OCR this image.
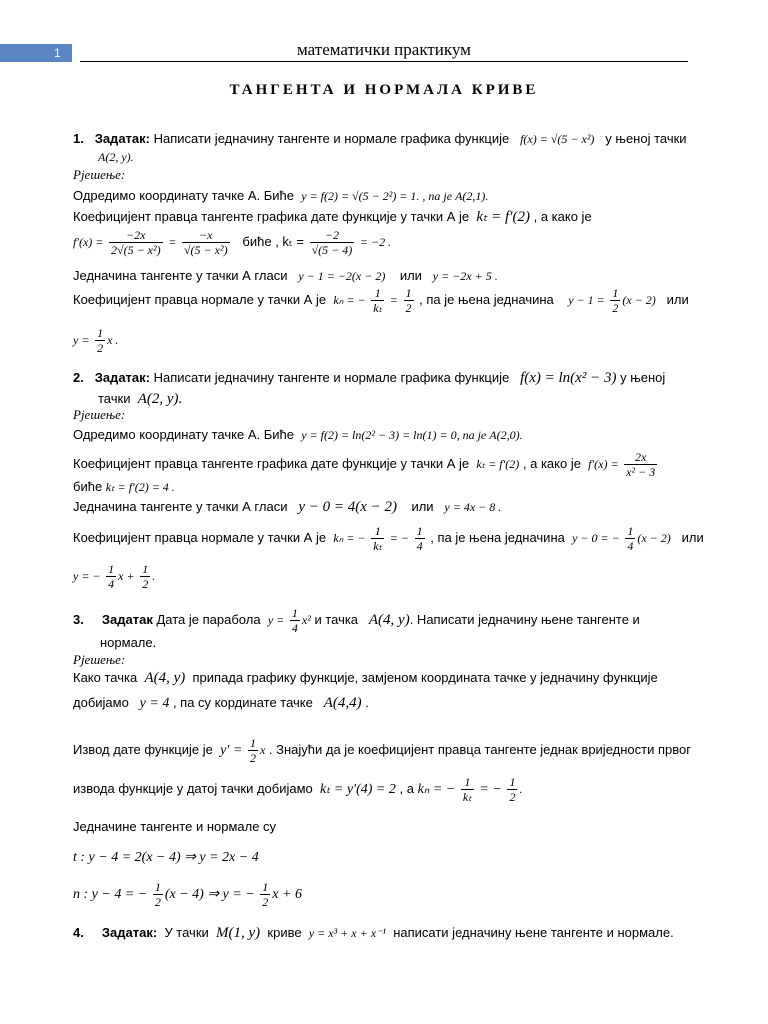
1	математички практикум
ТАНГЕНТА И НОРМАЛА КРИВЕ
1. Задатак: Написати једначину тангенте и нормале графика функције f(x) = √(5 − x²) у њеној тачки
A(2, y).
Рјешење:
Одредимо координату тачке А. Биће y = f(2) = √(5 − 2²) = 1. , па је A(2,1).
Коефицијент правца тангенте графика дате функције у тачки А је kₜ = f′(2) , а како је
$f'(x) = \frac{-2x}{\text{2√(5 − x²)}} = \frac{-x}{\text{√(5 − x²)}}$ биће , $k_t = \frac{-2}{√(5 - 4)} = -2$ .
Једначина тангенте у тачки А гласи y − 1 = −2(x − 2) или y = −2x + 5 .
Коефицијент правца нормале у тачки А је kₙ = − $\frac{1}{\text{kₜ}} = \frac{1}{2}$ , па је њена једначина $y - 1 = \frac{1}{2} (x - 2)$ или
$y = \frac{1}{2}$ x .
2. Задатак: Написати једначину тангенте и нормале графика функције f(x) = ln(x² − 3) у њеној
тачки A(2, y).
Рјешење:
Одредимо координату тачке А. Биће y = f(2) = ln(2² − 3) = ln(1) = 0, па је A(2,0).
Коефицијент правца тангенте графика дате функције у тачки А је kₜ = f′(2) , а како је $f'(x) = \frac{2x}{\text{x² − 3}}$
биће kₜ = f′(2) = 4 .
Једначина тангенте у тачки А гласи y − 0 = 4(x − 2) или y = 4x − 8 .
Коефицијент правца нормале у тачки А је kₙ = − $\frac{1}{\text{kₜ}}$ = − $\frac{1}{4}$ , па је њена једначина y − 0 = − $\frac{1}{4} (x - 2)$ или
y = − $\frac{1}{4}$ $x + \frac{1}{2}$ .
3. Задатак Дата је парабола $y = \frac{1}{4} x^2$ и тачка A(4, y). Написати једначину њене тангенте и
нормале.
Рјешење:
Како тачка A(4, y) припада графику функције, замјеном координата тачке у једначину функције
добијамо y = 4 , па су кординате тачке A(4,4) .
Извод дате функције је $y' = \frac{1}{2}$ x . Знајући да је коефицијент правца тангенте једнак вриједности првог
извода функције у датој тачки добијамо kₜ = y′(4) = 2 , а kₙ = − $\frac{1}{\text{kₜ}}$ = − $\frac{1}{2}$ .
Једначине тангенте и нормале су
t : y − 4 = 2(x − 4) ⇒ y = 2x − 4
n : y − 4 = − $\frac{1}{2} (x - 4)$ ⇒ y = − $\frac{1}{2}$ x + 6
4. Задатак: У тачки M(1, y) криве y = x³ + x + x⁻¹ написати једначину њене тангенте и нормале.
